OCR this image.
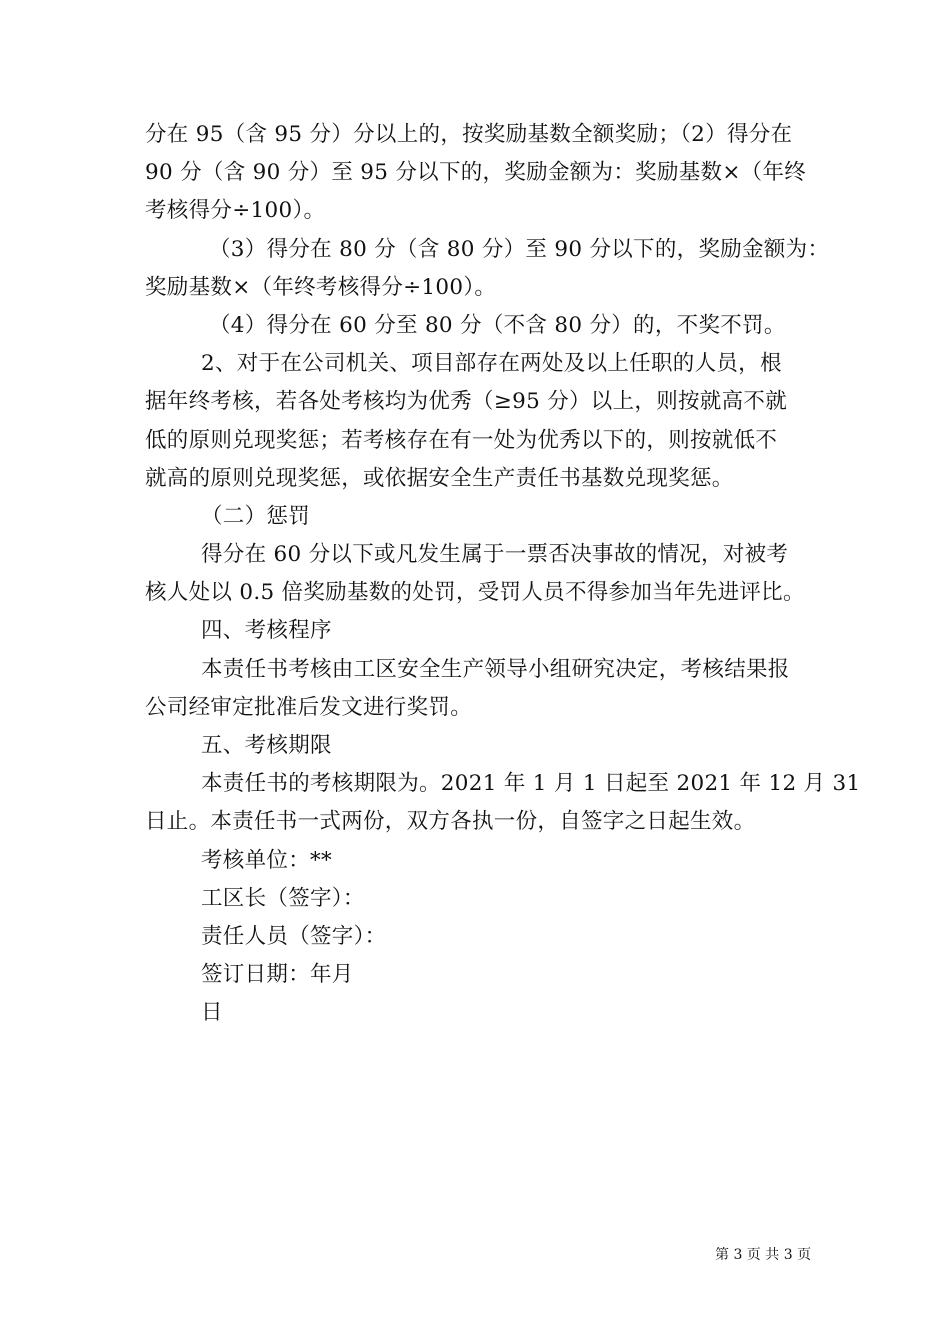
分在 95（含 95 分）分以上的，按奖励基数全额奖励；（2）得分在
90 分（含 90 分）至 95 分以下的，奖励金额为：奖励基数×（年终
考核得分÷100）。
（3）得分在 80 分（含 80 分）至 90 分以下的，奖励金额为：
奖励基数×（年终考核得分÷100）。
（4）得分在 60 分至 80 分（不含 80 分）的，不奖不罚。
2、对于在公司机关、项目部存在两处及以上任职的人员，根
据年终考核，若各处考核均为优秀（≥95 分）以上，则按就高不就
低的原则兑现奖惩；若考核存在有一处为优秀以下的，则按就低不
就高的原则兑现奖惩，或依据安全生产责任书基数兑现奖惩。
（二）惩罚
得分在 60 分以下或凡发生属于一票否决事故的情况，对被考
核人处以 0.5 倍奖励基数的处罚，受罚人员不得参加当年先进评比。
四、考核程序
本责任书考核由工区安全生产领导小组研究决定，考核结果报
公司经审定批准后发文进行奖罚。
五、考核期限
本责任书的考核期限为。2021 年 1 月 1 日起至 2021 年 12 月 31
日止。本责任书一式两份，双方各执一份，自签字之日起生效。
考核单位：**
工区长（签字）：
责任人员（签字）：
签订日期：年月
日
第 3 页 共 3 页
